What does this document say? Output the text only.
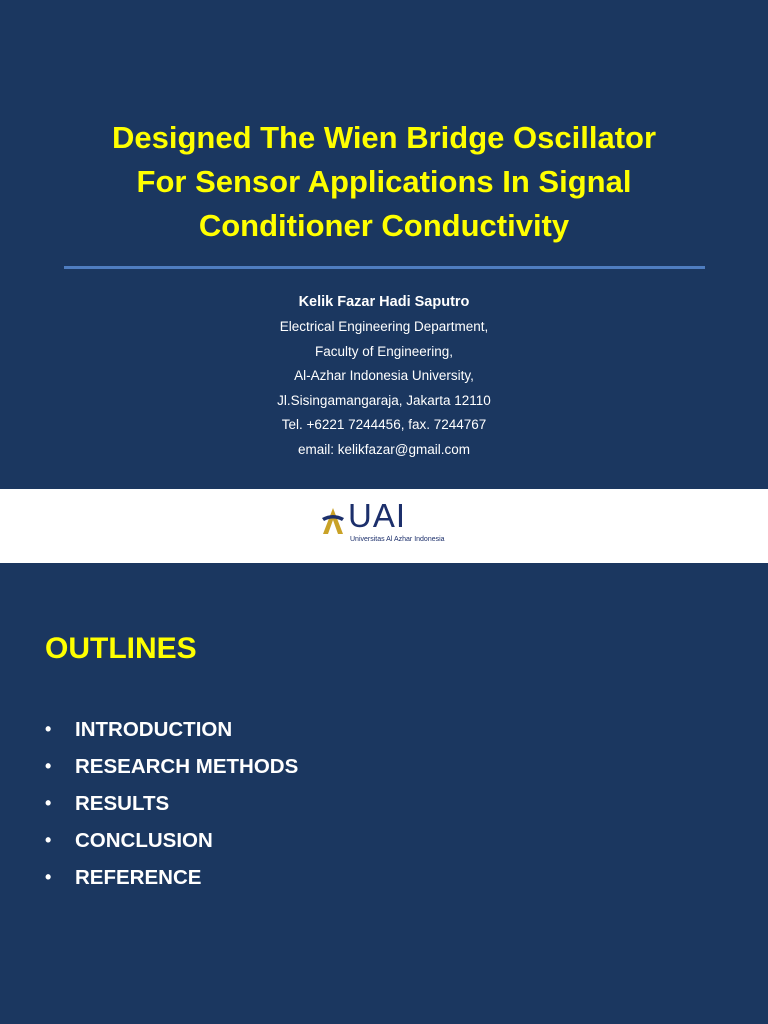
Designed The Wien Bridge Oscillator
For Sensor Applications In Signal
Conditioner Conductivity
Kelik Fazar Hadi Saputro
Electrical Engineering Department,
Faculty of Engineering,
Al-Azhar Indonesia University,
Jl.Sisingamangaraja, Jakarta 12110
Tel. +6221 7244456, fax. 7244767
email: kelikfazar@gmail.com
UAI
Universitas Al Azhar Indonesia
OUTLINES
•	INTRODUCTION
•	RESEARCH METHODS
•	RESULTS
•	CONCLUSION
•	REFERENCE
